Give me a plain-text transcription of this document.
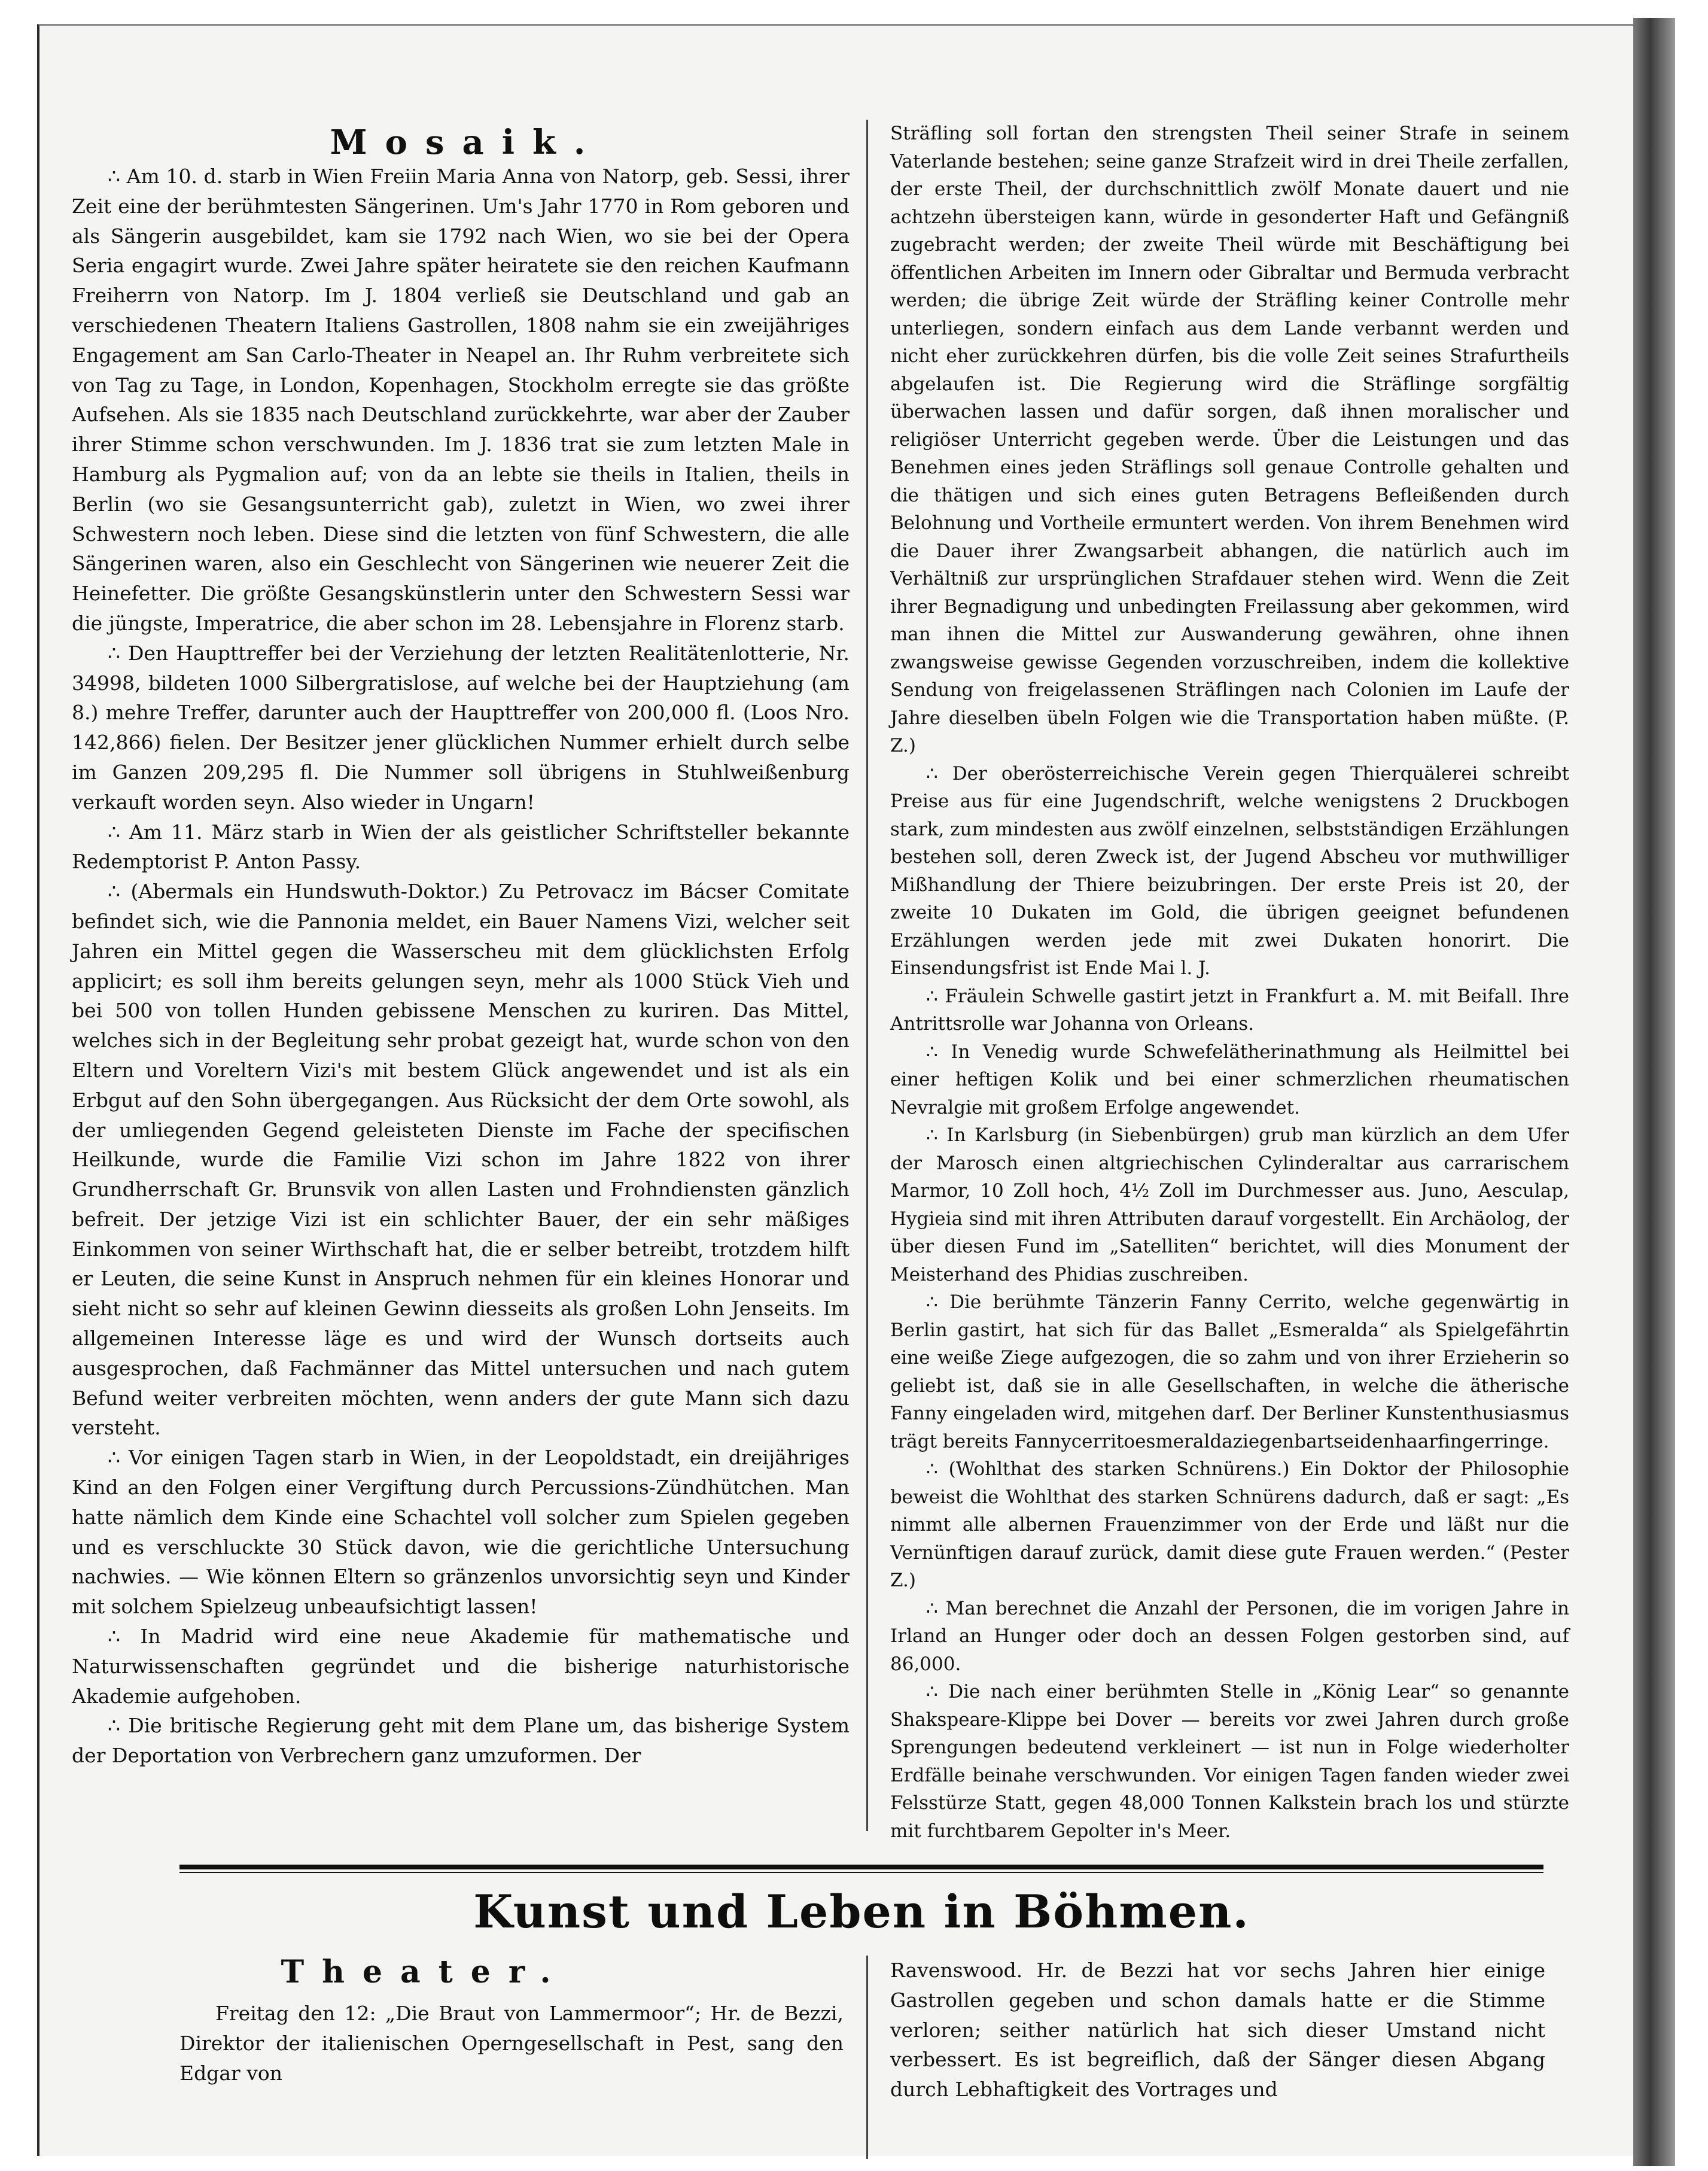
Mosaik.

∴ Am 10. d. starb in Wien Freiin Maria Anna von Natorp, geb. Sessi, ihrer Zeit eine der berühmtesten Sängerinen. Um's Jahr 1770 in Rom geboren und als Sängerin ausgebildet, kam sie 1792 nach Wien, wo sie bei der Opera Seria engagirt wurde. Zwei Jahre später heiratete sie den reichen Kaufmann Freiherrn von Natorp. Im J. 1804 verließ sie Deutschland und gab an verschiedenen Theatern Italiens Gastrollen, 1808 nahm sie ein zweijähriges Engagement am San Carlo-Theater in Neapel an. Ihr Ruhm verbreitete sich von Tag zu Tage, in London, Kopenhagen, Stockholm erregte sie das größte Aufsehen. Als sie 1835 nach Deutschland zurückkehrte, war aber der Zauber ihrer Stimme schon verschwunden. Im J. 1836 trat sie zum letzten Male in Hamburg als Pygmalion auf; von da an lebte sie theils in Italien, theils in Berlin (wo sie Gesangsunterricht gab), zuletzt in Wien, wo zwei ihrer Schwestern noch leben. Diese sind die letzten von fünf Schwestern, die alle Sängerinen waren, also ein Geschlecht von Sängerinen wie neuerer Zeit die Heinefetter. Die größte Gesangskünstlerin unter den Schwestern Sessi war die jüngste, Imperatrice, die aber schon im 28. Lebensjahre in Florenz starb.

∴ Den Haupttreffer bei der Verziehung der letzten Realitätenlotterie, Nr. 34998, bildeten 1000 Silbergratislose, auf welche bei der Hauptziehung (am 8.) mehre Treffer, darunter auch der Haupttreffer von 200,000 fl. (Loos Nro. 142,866) fielen. Der Besitzer jener glücklichen Nummer erhielt durch selbe im Ganzen 209,295 fl. Die Nummer soll übrigens in Stuhlweißenburg verkauft worden seyn. Also wieder in Ungarn!

∴ Am 11. März starb in Wien der als geistlicher Schriftsteller bekannte Redemptorist P. Anton Passy.

∴ (Abermals ein Hundswuth-Doktor.) Zu Petrovacz im Bácser Comitate befindet sich, wie die Pannonia meldet, ein Bauer Namens Vizi, welcher seit Jahren ein Mittel gegen die Wasserscheu mit dem glücklichsten Erfolg applicirt; es soll ihm bereits gelungen seyn, mehr als 1000 Stück Vieh und bei 500 von tollen Hunden gebissene Menschen zu kuriren. Das Mittel, welches sich in der Begleitung sehr probat gezeigt hat, wurde schon von den Eltern und Voreltern Vizi's mit bestem Glück angewendet und ist als ein Erbgut auf den Sohn übergegangen. Aus Rücksicht der dem Orte sowohl, als der umliegenden Gegend geleisteten Dienste im Fache der specifischen Heilkunde, wurde die Familie Vizi schon im Jahre 1822 von ihrer Grundherrschaft Gr. Brunsvik von allen Lasten und Frohndiensten gänzlich befreit. Der jetzige Vizi ist ein schlichter Bauer, der ein sehr mäßiges Einkommen von seiner Wirthschaft hat, die er selber betreibt, trotzdem hilft er Leuten, die seine Kunst in Anspruch nehmen für ein kleines Honorar und sieht nicht so sehr auf kleinen Gewinn diesseits als großen Lohn Jenseits. Im allgemeinen Interesse läge es und wird der Wunsch dortseits auch ausgesprochen, daß Fachmänner das Mittel untersuchen und nach gutem Befund weiter verbreiten möchten, wenn anders der gute Mann sich dazu versteht.

∴ Vor einigen Tagen starb in Wien, in der Leopoldstadt, ein dreijähriges Kind an den Folgen einer Vergiftung durch Percussions-Zündhütchen. Man hatte nämlich dem Kinde eine Schachtel voll solcher zum Spielen gegeben und es verschluckte 30 Stück davon, wie die gerichtliche Untersuchung nachwies. — Wie können Eltern so gränzenlos unvorsichtig seyn und Kinder mit solchem Spielzeug unbeaufsichtigt lassen!

∴ In Madrid wird eine neue Akademie für mathematische und Naturwissenschaften gegründet und die bisherige naturhistorische Akademie aufgehoben.

∴ Die britische Regierung geht mit dem Plane um, das bisherige System der Deportation von Verbrechern ganz umzuformen. Der

Sträfling soll fortan den strengsten Theil seiner Strafe in seinem Vaterlande bestehen; seine ganze Strafzeit wird in drei Theile zerfallen, der erste Theil, der durchschnittlich zwölf Monate dauert und nie achtzehn übersteigen kann, würde in gesonderter Haft und Gefängniß zugebracht werden; der zweite Theil würde mit Beschäftigung bei öffentlichen Arbeiten im Innern oder Gibraltar und Bermuda verbracht werden; die übrige Zeit würde der Sträfling keiner Controlle mehr unterliegen, sondern einfach aus dem Lande verbannt werden und nicht eher zurückkehren dürfen, bis die volle Zeit seines Strafurtheils abgelaufen ist. Die Regierung wird die Sträflinge sorgfältig überwachen lassen und dafür sorgen, daß ihnen moralischer und religiöser Unterricht gegeben werde. Über die Leistungen und das Benehmen eines jeden Sträflings soll genaue Controlle gehalten und die thätigen und sich eines guten Betragens Befleißenden durch Belohnung und Vortheile ermuntert werden. Von ihrem Benehmen wird die Dauer ihrer Zwangsarbeit abhangen, die natürlich auch im Verhältniß zur ursprünglichen Strafdauer stehen wird. Wenn die Zeit ihrer Begnadigung und unbedingten Freilassung aber gekommen, wird man ihnen die Mittel zur Auswanderung gewähren, ohne ihnen zwangsweise gewisse Gegenden vorzuschreiben, indem die kollektive Sendung von freigelassenen Sträflingen nach Colonien im Laufe der Jahre dieselben übeln Folgen wie die Transportation haben müßte. (P. Z.)

∴ Der oberösterreichische Verein gegen Thierquälerei schreibt Preise aus für eine Jugendschrift, welche wenigstens 2 Druckbogen stark, zum mindesten aus zwölf einzelnen, selbstständigen Erzählungen bestehen soll, deren Zweck ist, der Jugend Abscheu vor muthwilliger Mißhandlung der Thiere beizubringen. Der erste Preis ist 20, der zweite 10 Dukaten im Gold, die übrigen geeignet befundenen Erzählungen werden jede mit zwei Dukaten honorirt. Die Einsendungsfrist ist Ende Mai l. J.

∴ Fräulein Schwelle gastirt jetzt in Frankfurt a. M. mit Beifall. Ihre Antrittsrolle war Johanna von Orleans.

∴ In Venedig wurde Schwefelätherinathmung als Heilmittel bei einer heftigen Kolik und bei einer schmerzlichen rheumatischen Nevralgie mit großem Erfolge angewendet.

∴ In Karlsburg (in Siebenbürgen) grub man kürzlich an dem Ufer der Marosch einen altgriechischen Cylinderaltar aus carrarischem Marmor, 10 Zoll hoch, 4½ Zoll im Durchmesser aus. Juno, Aesculap, Hygieia sind mit ihren Attributen darauf vorgestellt. Ein Archäolog, der über diesen Fund im „Satelliten“ berichtet, will dies Monument der Meisterhand des Phidias zuschreiben.

∴ Die berühmte Tänzerin Fanny Cerrito, welche gegenwärtig in Berlin gastirt, hat sich für das Ballet „Esmeralda“ als Spielgefährtin eine weiße Ziege aufgezogen, die so zahm und von ihrer Erzieherin so geliebt ist, daß sie in alle Gesellschaften, in welche die ätherische Fanny eingeladen wird, mitgehen darf. Der Berliner Kunstenthusiasmus trägt bereits Fannycerritoesmeraldaziegenbartseidenhaarfingerringe.

∴ (Wohlthat des starken Schnürens.) Ein Doktor der Philosophie beweist die Wohlthat des starken Schnürens dadurch, daß er sagt: „Es nimmt alle albernen Frauenzimmer von der Erde und läßt nur die Vernünftigen darauf zurück, damit diese gute Frauen werden.“ (Pester Z.)

∴ Man berechnet die Anzahl der Personen, die im vorigen Jahre in Irland an Hunger oder doch an dessen Folgen gestorben sind, auf 86,000.

∴ Die nach einer berühmten Stelle in „König Lear“ so genannte Shakspeare-Klippe bei Dover — bereits vor zwei Jahren durch große Sprengungen bedeutend verkleinert — ist nun in Folge wiederholter Erdfälle beinahe verschwunden. Vor einigen Tagen fanden wieder zwei Felsstürze Statt, gegen 48,000 Tonnen Kalkstein brach los und stürzte mit furchtbarem Gepolter in's Meer.

Kunst und Leben in Böhmen.
Theater.

Freitag den 12: „Die Braut von Lammermoor“; Hr. de Bezzi, Direktor der italienischen Operngesellschaft in Pest, sang den Edgar von

Ravenswood. Hr. de Bezzi hat vor sechs Jahren hier einige Gastrollen gegeben und schon damals hatte er die Stimme verloren; seither natürlich hat sich dieser Umstand nicht verbessert. Es ist begreiflich, daß der Sänger diesen Abgang durch Lebhaftigkeit des Vortrages und
